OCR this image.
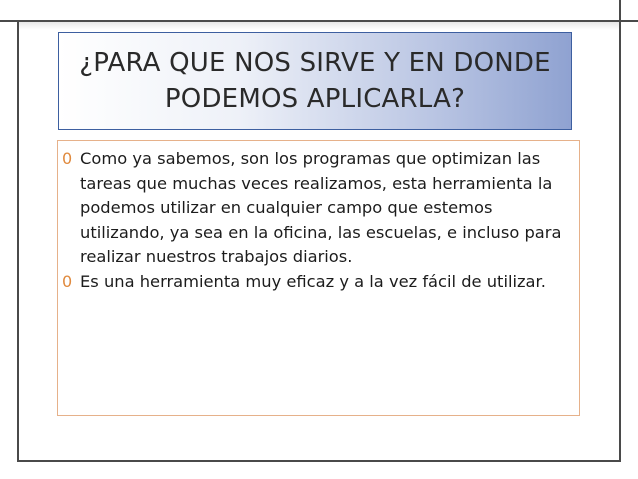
¿PARA QUE NOS SIRVE Y EN DONDE
PODEMOS APLICARLA?
0 Como ya sabemos, son los programas que optimizan las tareas que muchas veces realizamos, esta herramienta la podemos utilizar en cualquier campo que estemos utilizando, ya sea en la oficina, las escuelas, e incluso para realizar nuestros trabajos diarios.
0 Es una herramienta muy eficaz y a la vez fácil de utilizar.
